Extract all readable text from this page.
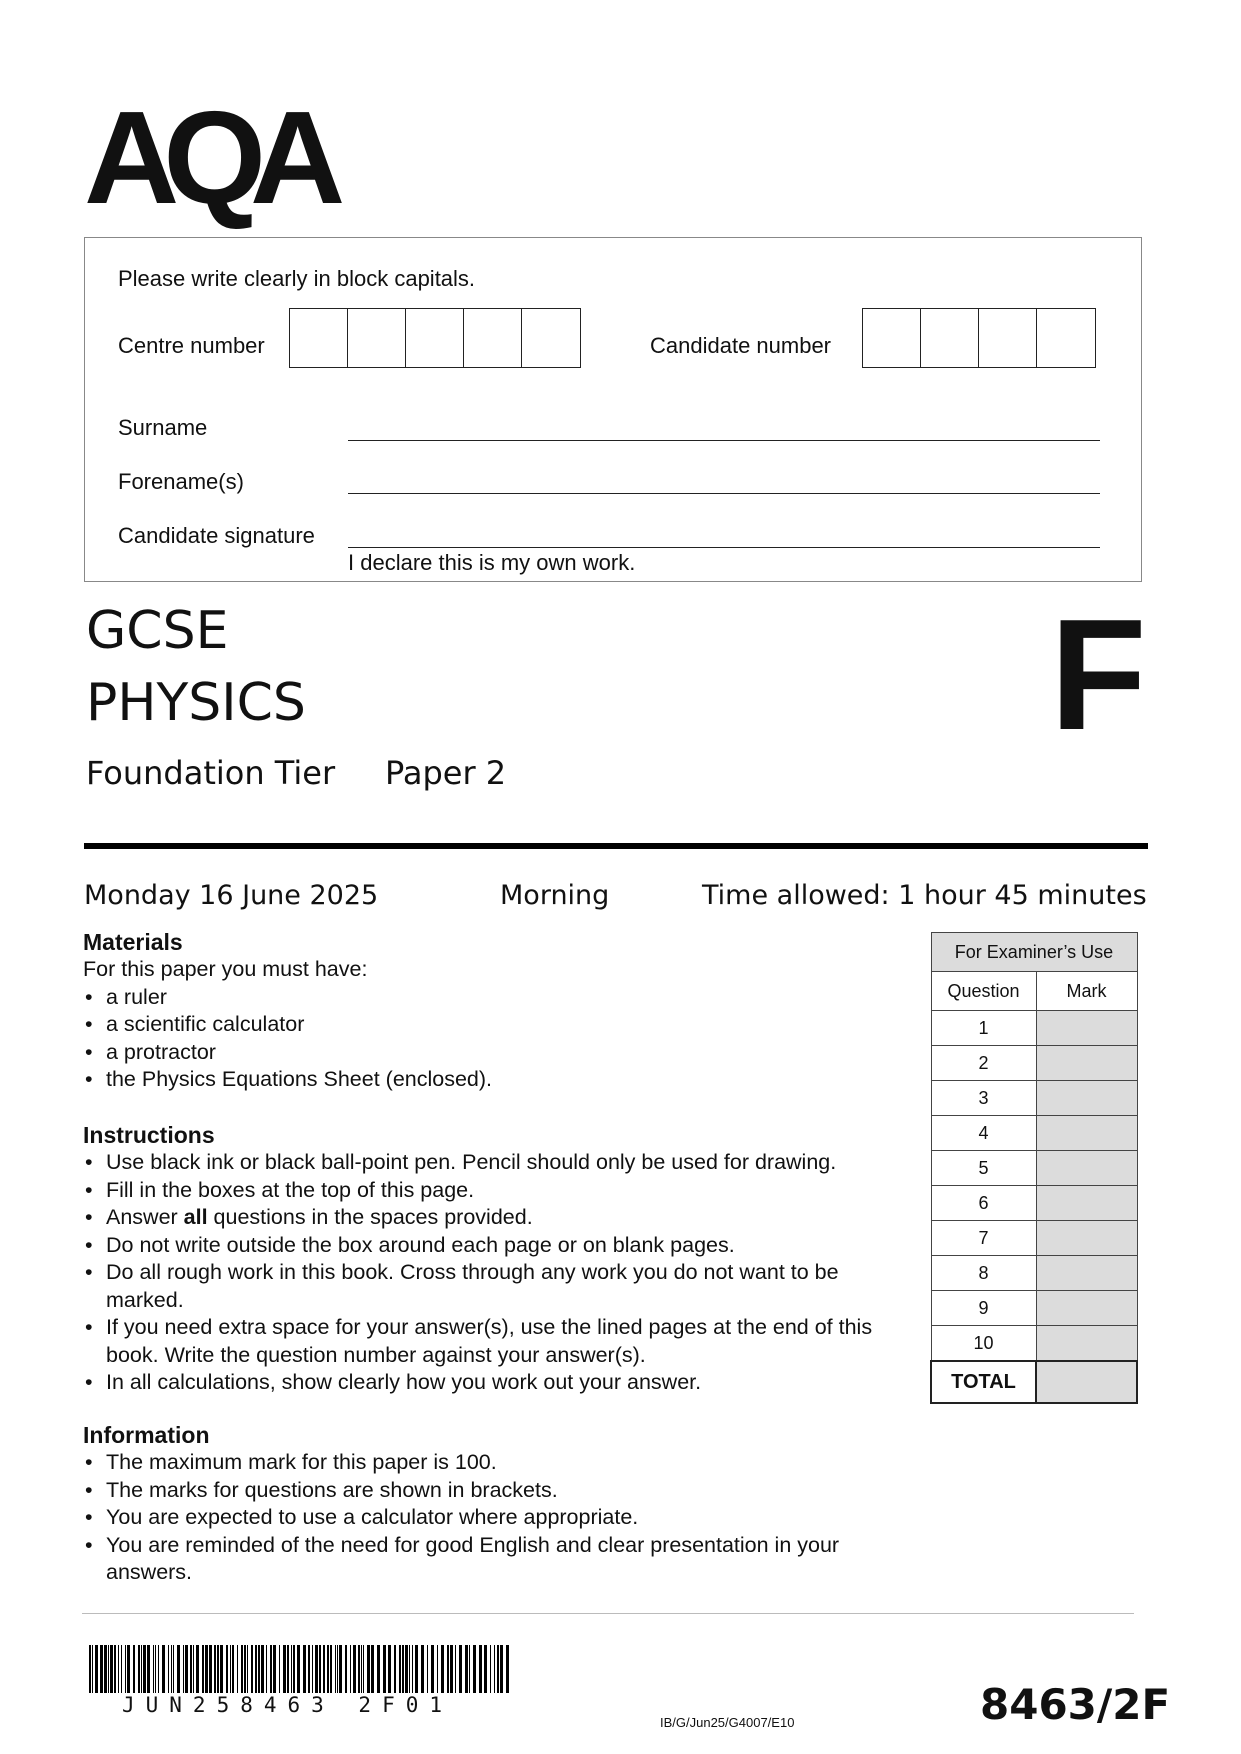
AQA
Please write clearly in block capitals.
Centre number	Candidate number
Surname
Forename(s)
Candidate signature
I declare this is my own work.
GCSE
PHYSICS
Foundation Tier Paper 2
F
Monday 16 June 2025	Morning	Time allowed: 1 hour 45 minutes
Materials
For this paper you must have:
• a ruler
• a scientific calculator
• a protractor
• the Physics Equations Sheet (enclosed).
Instructions
• Use black ink or black ball-point pen. Pencil should only be used for drawing.
• Fill in the boxes at the top of this page.
• Answer all questions in the spaces provided.
• Do not write outside the box around each page or on blank pages.
• Do all rough work in this book. Cross through any work you do not want to be marked.
• If you need extra space for your answer(s), use the lined pages at the end of this book. Write the question number against your answer(s).
• In all calculations, show clearly how you work out your answer.
Information
• The maximum mark for this paper is 100.
• The marks for questions are shown in brackets.
• You are expected to use a calculator where appropriate.
• You are reminded of the need for good English and clear presentation in your answers.
For Examiner’s Use	
Question	Mark
1	
2	
3	
4	
5	
6	
7	
8	
9	
10	
TOTAL	
JUN258463 2F01
IB/G/Jun25/G4007/E10	8463/2F
